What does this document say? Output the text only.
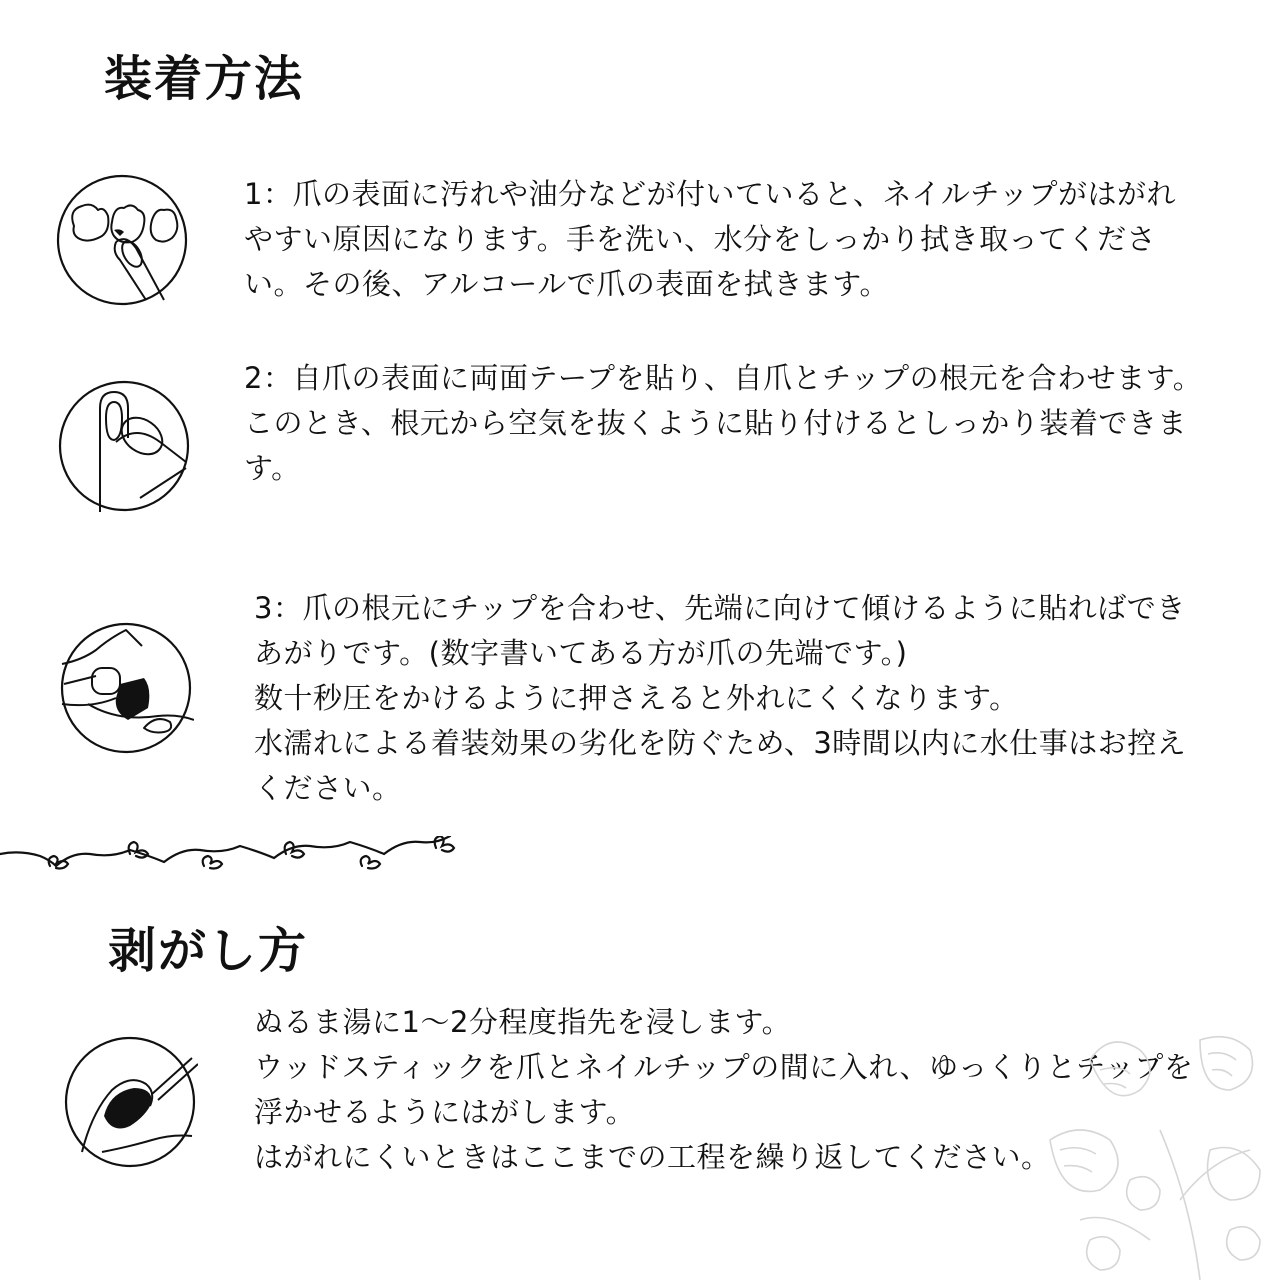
装着方法

1：爪の表面に汚れや油分などが付いていると、ネイルチップがはがれやすい原因になります。手を洗い、水分をしっかり拭き取ってください。その後、アルコールで爪の表面を拭きます。

2：自爪の表面に両面テープを貼り、自爪とチップの根元を合わせます。

このとき、根元から空気を抜くように貼り付けるとしっかり装着できます。

3：爪の根元にチップを合わせ、先端に向けて傾けるように貼ればできあがりです。(数字書いてある方が爪の先端です。)

数十秒圧をかけるように押さえると外れにくくなります。

水濡れによる着装効果の劣化を防ぐため、3時間以内に水仕事はお控えください。

剥がし方

ぬるま湯に1〜2分程度指先を浸します。

ウッドスティックを爪とネイルチップの間に入れ、ゆっくりとチップを浮かせるようにはがします。

はがれにくいときはここまでの工程を繰り返してください。
